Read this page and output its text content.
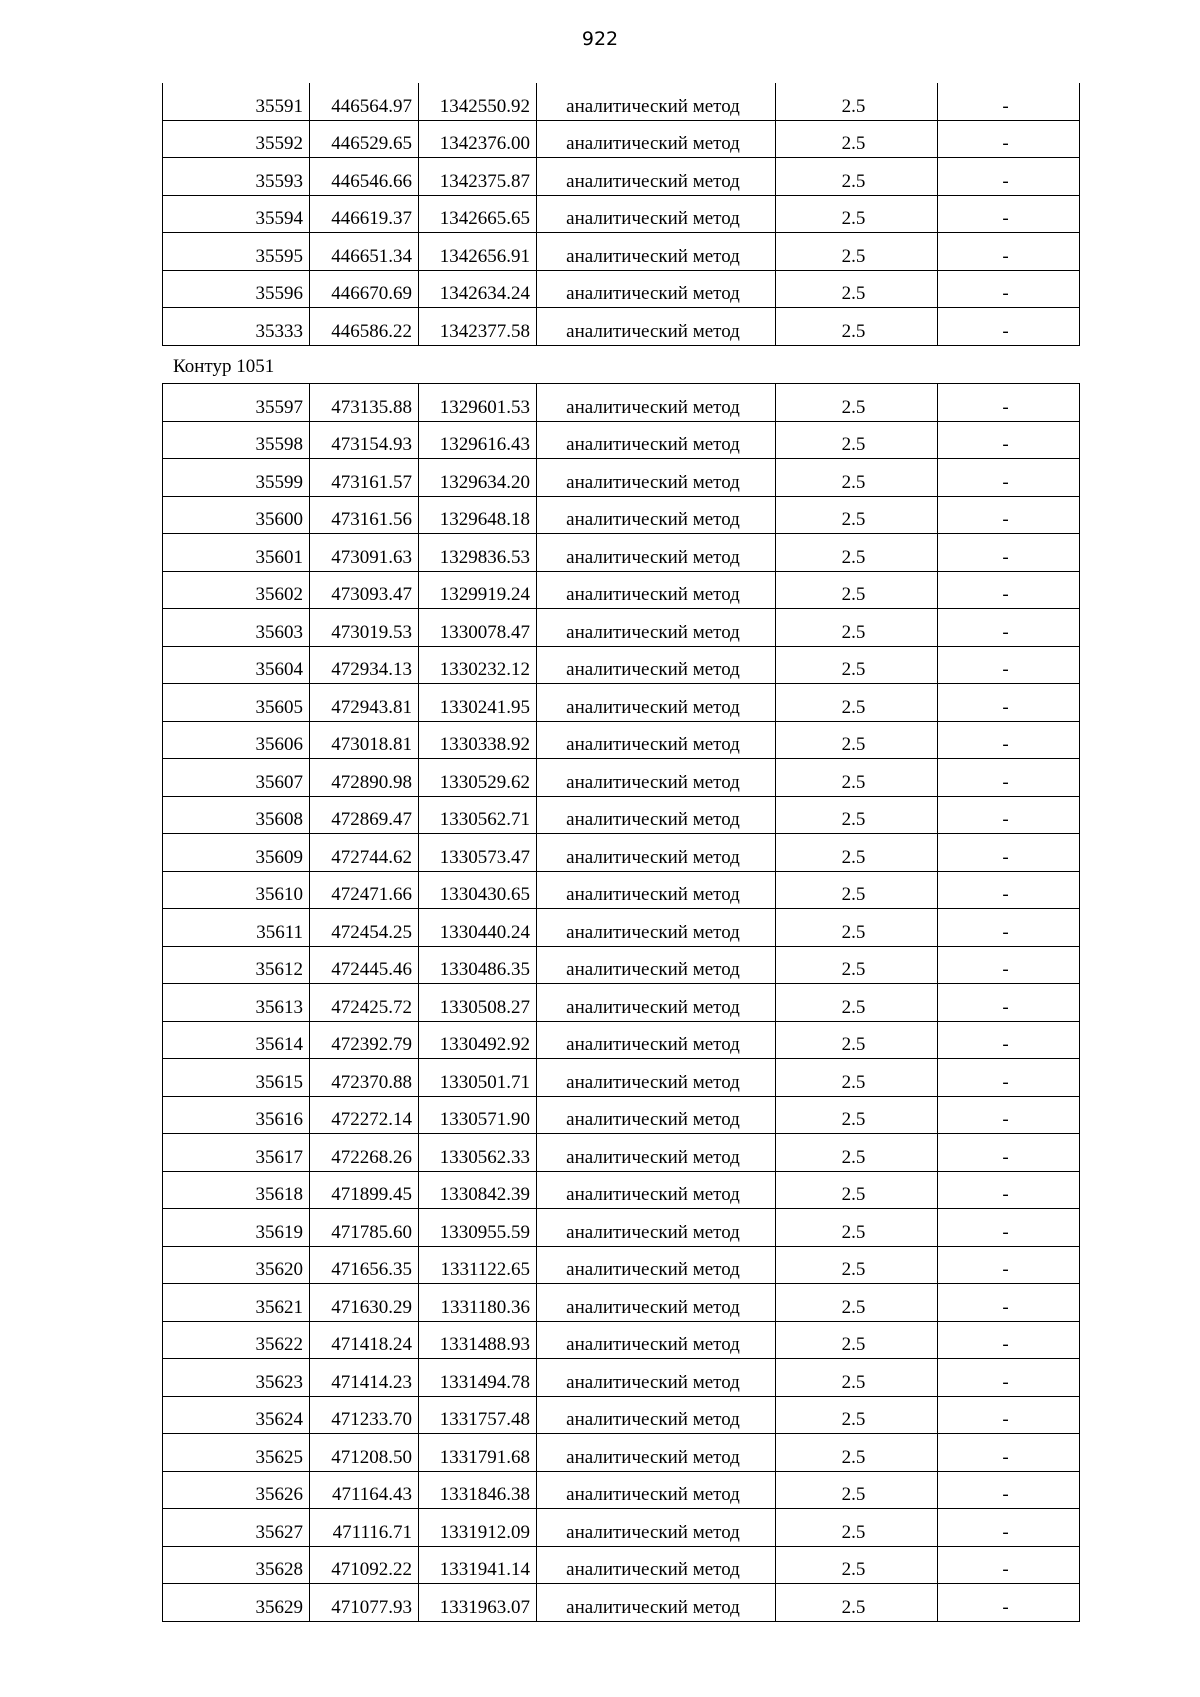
922
35591	446564.97	1342550.92	аналитический метод	2.5	-
35592	446529.65	1342376.00	аналитический метод	2.5	-
35593	446546.66	1342375.87	аналитический метод	2.5	-
35594	446619.37	1342665.65	аналитический метод	2.5	-
35595	446651.34	1342656.91	аналитический метод	2.5	-
35596	446670.69	1342634.24	аналитический метод	2.5	-
35333	446586.22	1342377.58	аналитический метод	2.5	-
Контур 1051
35597	473135.88	1329601.53	аналитический метод	2.5	-
35598	473154.93	1329616.43	аналитический метод	2.5	-
35599	473161.57	1329634.20	аналитический метод	2.5	-
35600	473161.56	1329648.18	аналитический метод	2.5	-
35601	473091.63	1329836.53	аналитический метод	2.5	-
35602	473093.47	1329919.24	аналитический метод	2.5	-
35603	473019.53	1330078.47	аналитический метод	2.5	-
35604	472934.13	1330232.12	аналитический метод	2.5	-
35605	472943.81	1330241.95	аналитический метод	2.5	-
35606	473018.81	1330338.92	аналитический метод	2.5	-
35607	472890.98	1330529.62	аналитический метод	2.5	-
35608	472869.47	1330562.71	аналитический метод	2.5	-
35609	472744.62	1330573.47	аналитический метод	2.5	-
35610	472471.66	1330430.65	аналитический метод	2.5	-
35611	472454.25	1330440.24	аналитический метод	2.5	-
35612	472445.46	1330486.35	аналитический метод	2.5	-
35613	472425.72	1330508.27	аналитический метод	2.5	-
35614	472392.79	1330492.92	аналитический метод	2.5	-
35615	472370.88	1330501.71	аналитический метод	2.5	-
35616	472272.14	1330571.90	аналитический метод	2.5	-
35617	472268.26	1330562.33	аналитический метод	2.5	-
35618	471899.45	1330842.39	аналитический метод	2.5	-
35619	471785.60	1330955.59	аналитический метод	2.5	-
35620	471656.35	1331122.65	аналитический метод	2.5	-
35621	471630.29	1331180.36	аналитический метод	2.5	-
35622	471418.24	1331488.93	аналитический метод	2.5	-
35623	471414.23	1331494.78	аналитический метод	2.5	-
35624	471233.70	1331757.48	аналитический метод	2.5	-
35625	471208.50	1331791.68	аналитический метод	2.5	-
35626	471164.43	1331846.38	аналитический метод	2.5	-
35627	471116.71	1331912.09	аналитический метод	2.5	-
35628	471092.22	1331941.14	аналитический метод	2.5	-
35629	471077.93	1331963.07	аналитический метод	2.5	-
